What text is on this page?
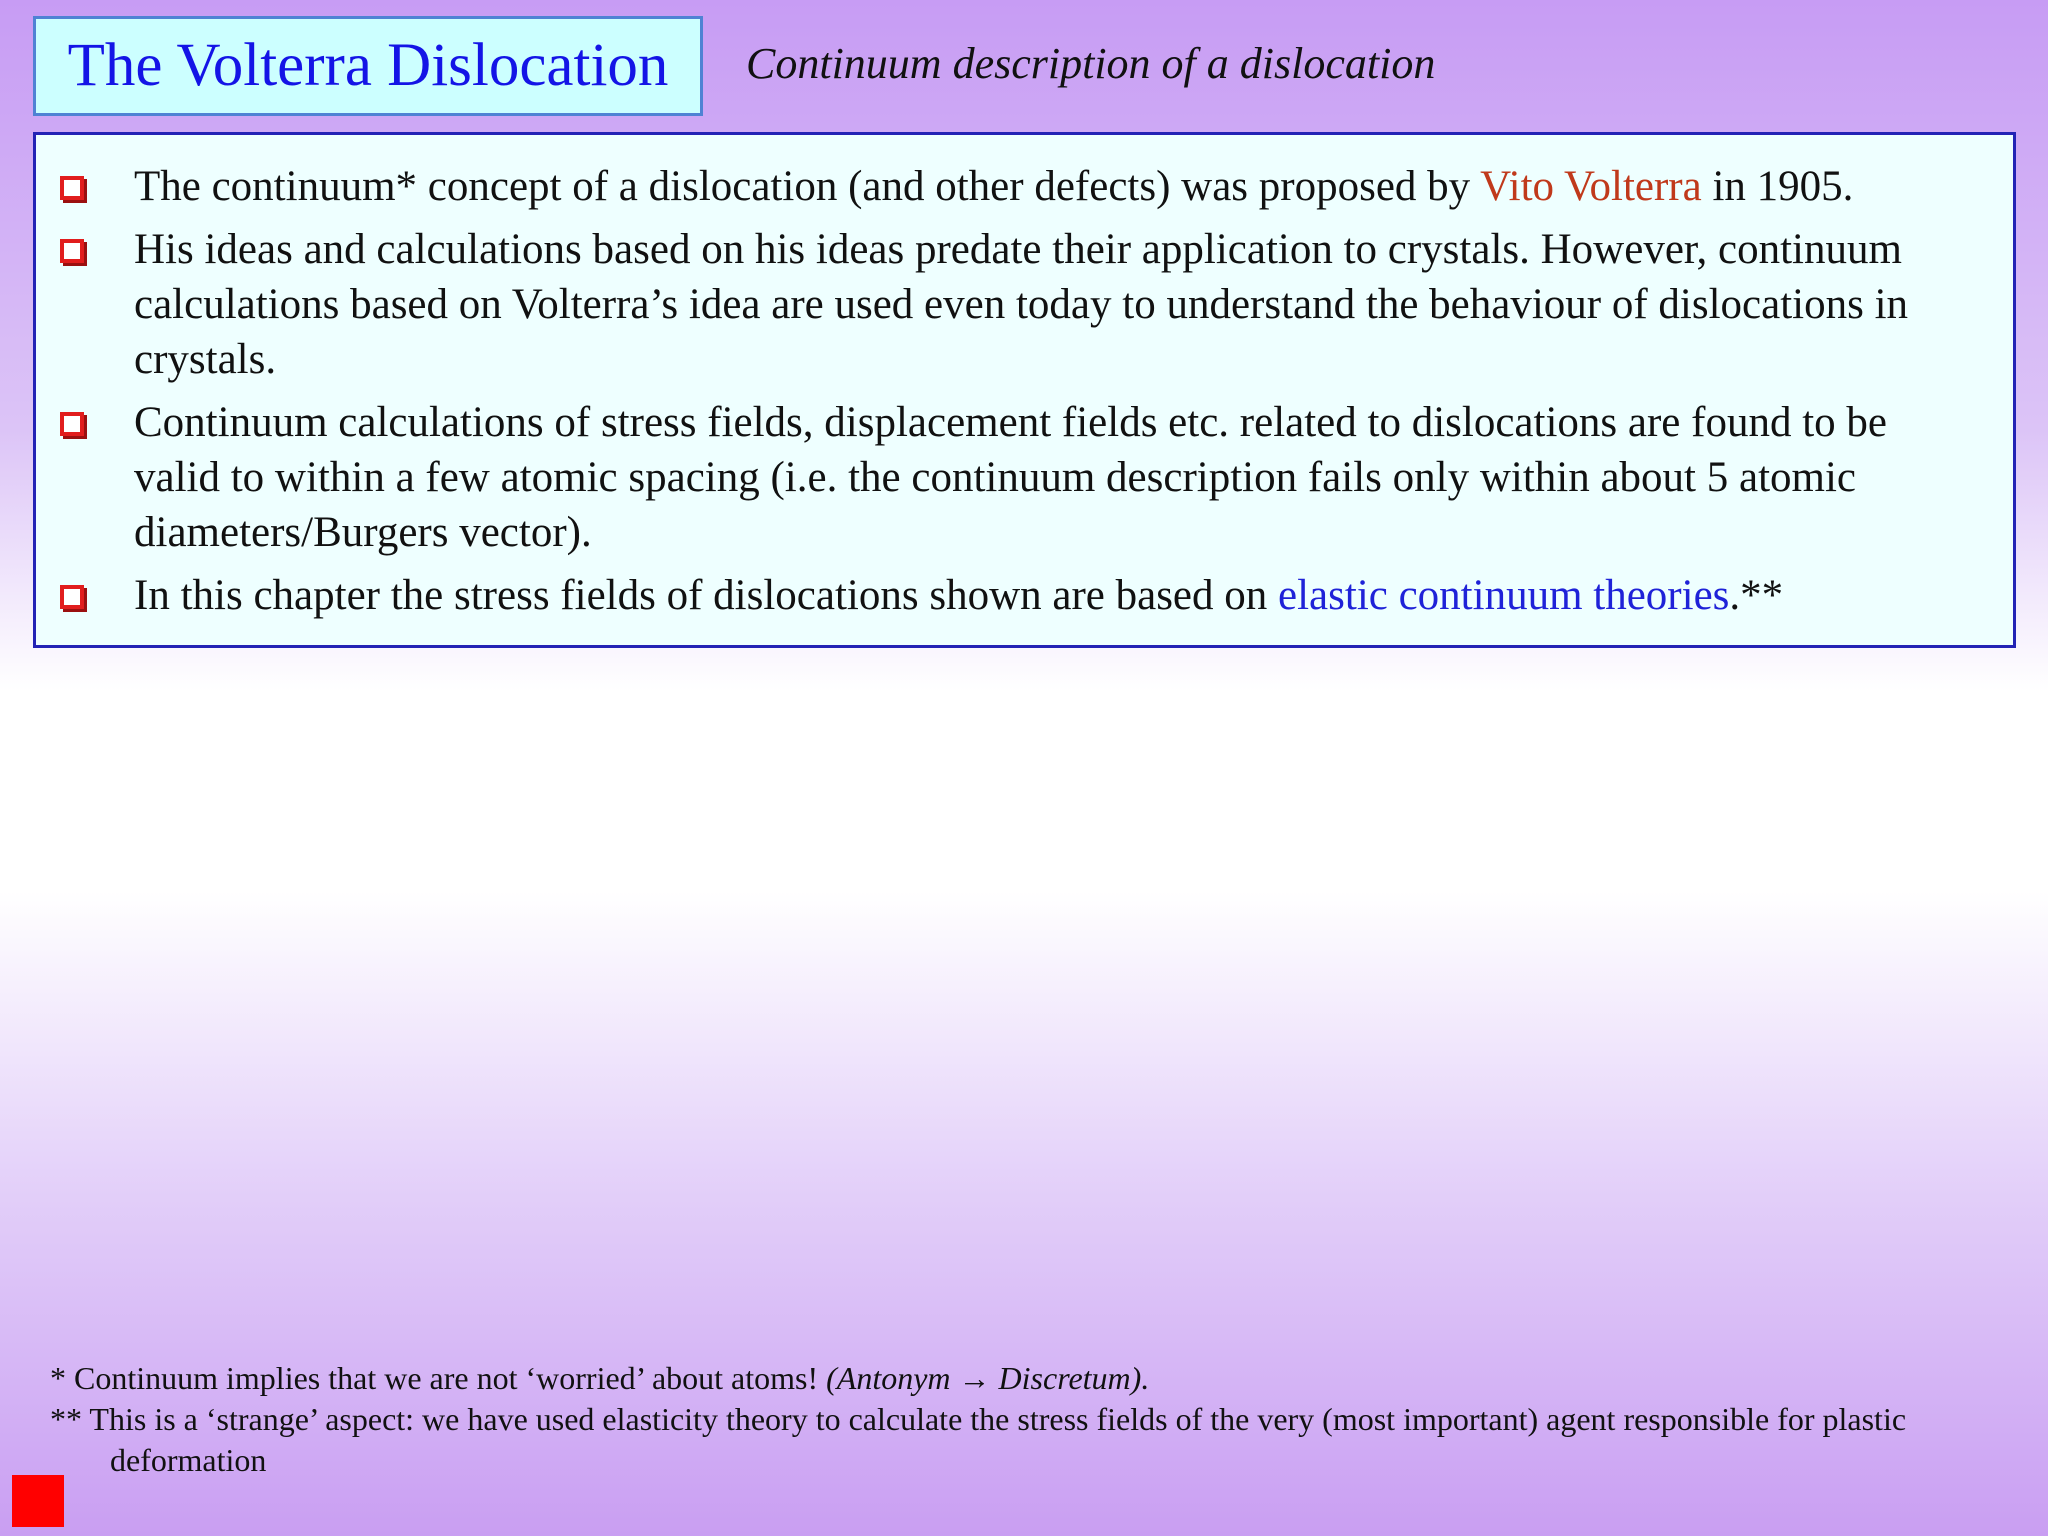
The Volterra Dislocation Continuum description of a dislocation
The continuum* concept of a dislocation (and other defects) was proposed by Vito Volterra in 1905.
His ideas and calculations based on his ideas predate their application to crystals. However, continuum calculations based on Volterra’s idea are used even today to understand the behaviour of dislocations in crystals.
Continuum calculations of stress fields, displacement fields etc. related to dislocations are found to be valid to within a few atomic spacing (i.e. the continuum description fails only within about 5 atomic diameters/Burgers vector).
In this chapter the stress fields of dislocations shown are based on elastic continuum theories.**
* Continuum implies that we are not ‘worried’ about atoms! (Antonym → Discretum).
** This is a ‘strange’ aspect: we have used elasticity theory to calculate the stress fields of the very (most important) agent responsible for plastic deformation
